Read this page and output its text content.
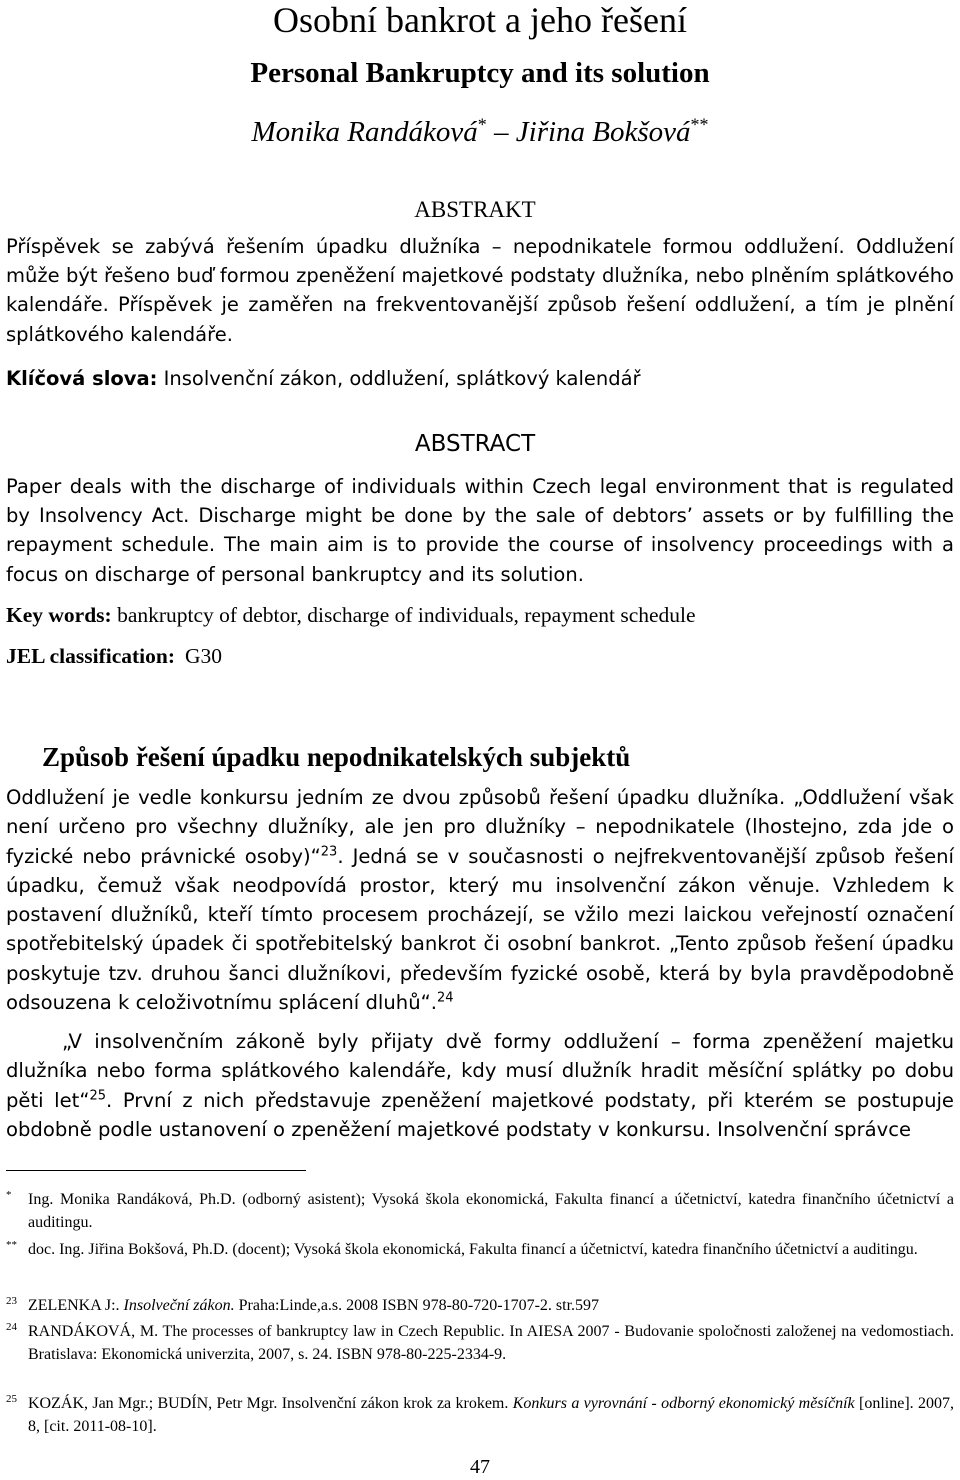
Osobní bankrot a jeho řešení
Personal Bankruptcy and its solution
Monika Randáková* – Jiřina Bokšová**
ABSTRAKT
Příspěvek se zabývá řešením úpadku dlužníka – nepodnikatele formou oddlužení. Oddlužení může být řešeno buď formou zpeněžení majetkové podstaty dlužníka, nebo plněním splátkového kalendáře. Příspěvek je zaměřen na frekventovanější způsob řešení oddlužení, a tím je plnění splátkového kalendáře.
Klíčová slova: Insolvenční zákon, oddlužení, splátkový kalendář
ABSTRACT
Paper deals with the discharge of individuals within Czech legal environment that is regulated by Insolvency Act. Discharge might be done by the sale of debtors’ assets or by fulfilling the repayment schedule. The main aim is to provide the course of insolvency proceedings with a focus on discharge of personal bankruptcy and its solution.
Key words: bankruptcy of debtor, discharge of individuals, repayment schedule
JEL classification: G30
Způsob řešení úpadku nepodnikatelských subjektů
Oddlužení je vedle konkursu jedním ze dvou způsobů řešení úpadku dlužníka. „Oddlužení však není určeno pro všechny dlužníky, ale jen pro dlužníky – nepodnikatele (lhostejno, zda jde o fyzické nebo právnické osoby)“$^{23}$. Jedná se v současnosti o nejfrekventovanější způsob řešení úpadku, čemuž však neodpovídá prostor, který mu insolvenční zákon věnuje. Vzhledem k postavení dlužníků, kteří tímto procesem procházejí, se vžilo mezi laickou veřejností označení spotřebitelský úpadek či spotřebitelský bankrot či osobní bankrot. „Tento způsob řešení úpadku poskytuje tzv. druhou šanci dlužníkovi, především fyzické osobě, která by byla pravděpodobně odsouzena k celoživotnímu splácení dluhů“.$^{24}$
„V insolvenčním zákoně byly přijaty dvě formy oddlužení – forma zpeněžení majetku dlužníka nebo forma splátkového kalendáře, kdy musí dlužník hradit měsíční splátky po dobu pěti let“$^{25}$. První z nich představuje zpeněžení majetkové podstaty, při kterém se postupuje obdobně podle ustanovení o zpeněžení majetkové podstaty v konkursu. Insolvenční správce
* Ing. Monika Randáková, Ph.D. (odborný asistent); Vysoká škola ekonomická, Fakulta financí a účetnictví, katedra finančního účetnictví a auditingu.
** doc. Ing. Jiřina Bokšová, Ph.D. (docent); Vysoká škola ekonomická, Fakulta financí a účetnictví, katedra finančního účetnictví a auditingu.
23 ZELENKA J:. Insolveční zákon. Praha:Linde,a.s. 2008 ISBN 978-80-720-1707-2. str.597
24 RANDÁKOVÁ, M. The processes of bankruptcy law in Czech Republic. In AIESA 2007 - Budovanie spoločnosti založenej na vedomostiach. Bratislava: Ekonomická univerzita, 2007, s. 24. ISBN 978-80-225-2334-9.
25 KOZÁK, Jan Mgr.; BUDÍN, Petr Mgr. Insolvenční zákon krok za krokem. Konkurs a vyrovnání - odborný ekonomický měsíčník [online]. 2007, 8, [cit. 2011-08-10].
47
